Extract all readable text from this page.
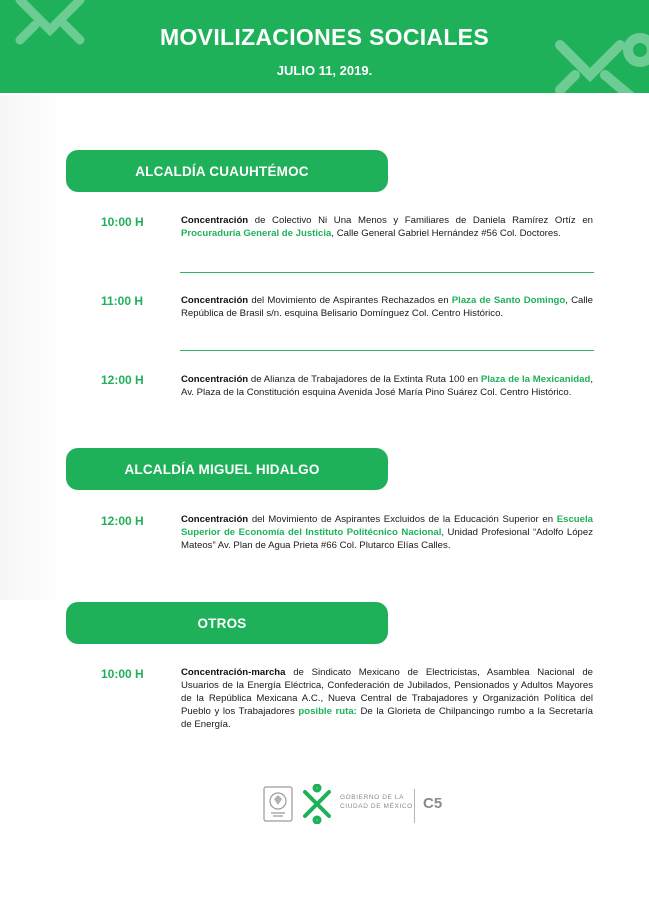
MOVILIZACIONES SOCIALES
JULIO 11, 2019.
ALCALDÍA CUAUHTÉMOC
10:00 H	Concentración de Colectivo Ni Una Menos y Familiares de Daniela Ramírez Ortíz en Procuraduría General de Justicia, Calle General Gabriel Hernández #56 Col. Doctores.
11:00 H	Concentración del Movimiento de Aspirantes Rechazados en Plaza de Santo Domingo, Calle República de Brasil s/n. esquina Belisario Domínguez Col. Centro Histórico.
12:00 H	Concentración de Alianza de Trabajadores de la Extinta Ruta 100 en Plaza de la Mexicanidad, Av. Plaza de la Constitución esquina Avenida José María Pino Suárez Col. Centro Histórico.
ALCALDÍA MIGUEL HIDALGO
12:00 H	Concentración del Movimiento de Aspirantes Excluidos de la Educación Superior en Escuela Superior de Economía del Instituto Politécnico Nacional, Unidad Profesional “Adolfo López Mateos” Av. Plan de Agua Prieta #66 Col. Plutarco Elías Calles.
OTROS
10:00 H	Concentración-marcha de Sindicato Mexicano de Electricistas, Asamblea Nacional de Usuarios de la Energía Eléctrica, Confederación de Jubilados, Pensionados y Adultos Mayores de la República Mexicana A.C., Nueva Central de Trabajadores y Organización Política del Pueblo y los Trabajadores posible ruta: De la Glorieta de Chilpancingo rumbo a la Secretaría de Energía.
GOBIERNO DE LA
CIUDAD DE MÉXICO C5
